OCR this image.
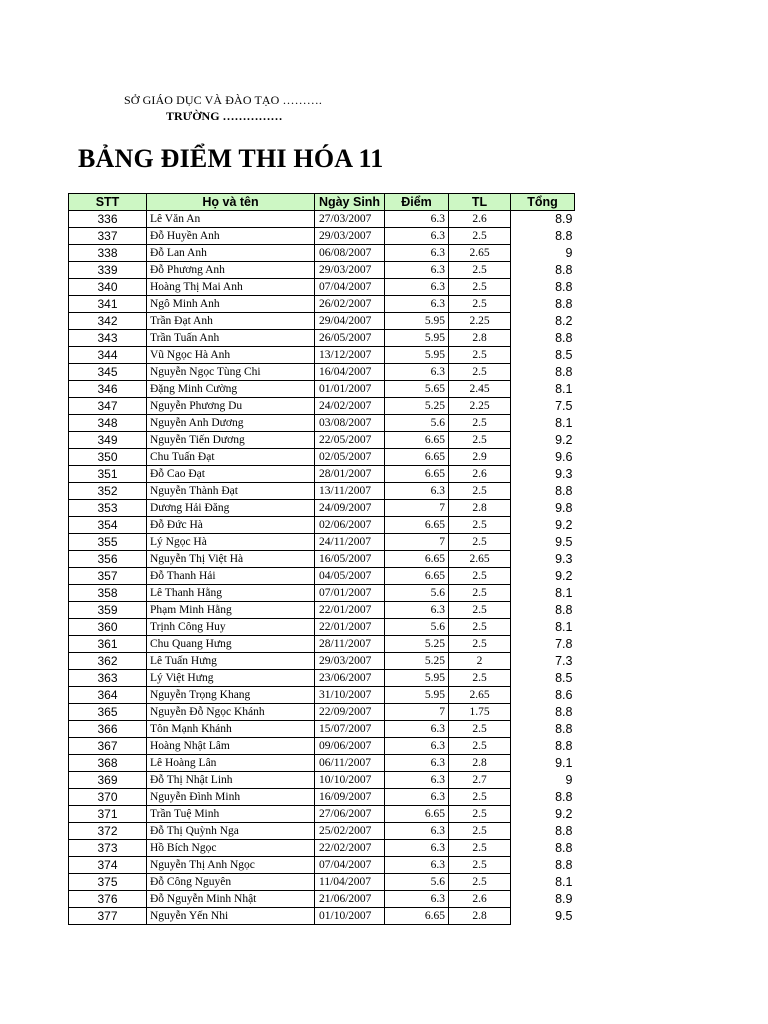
SỞ GIÁO DỤC VÀ ĐÀO TẠO ……….
TRƯỜNG ……………
BẢNG ĐIỂM THI HÓA 11
STT	Họ và tên	Ngày Sinh	Điểm	TL	Tổng
336	Lê Văn An	27/03/2007	6.3	2.6	8.9
337	Đỗ Huyền Anh	29/03/2007	6.3	2.5	8.8
338	Đỗ Lan Anh	06/08/2007	6.3	2.65	9
339	Đỗ Phương Anh	29/03/2007	6.3	2.5	8.8
340	Hoàng Thị Mai Anh	07/04/2007	6.3	2.5	8.8
341	Ngô Minh Anh	26/02/2007	6.3	2.5	8.8
342	Trần Đạt Anh	29/04/2007	5.95	2.25	8.2
343	Trần Tuấn Anh	26/05/2007	5.95	2.8	8.8
344	Vũ Ngọc Hà Anh	13/12/2007	5.95	2.5	8.5
345	Nguyễn Ngọc Tùng Chi	16/04/2007	6.3	2.5	8.8
346	Đặng Minh Cường	01/01/2007	5.65	2.45	8.1
347	Nguyễn Phương Du	24/02/2007	5.25	2.25	7.5
348	Nguyễn Anh Dương	03/08/2007	5.6	2.5	8.1
349	Nguyễn Tiến Dương	22/05/2007	6.65	2.5	9.2
350	Chu Tuấn Đạt	02/05/2007	6.65	2.9	9.6
351	Đỗ Cao Đạt	28/01/2007	6.65	2.6	9.3
352	Nguyễn Thành Đạt	13/11/2007	6.3	2.5	8.8
353	Dương Hải Đăng	24/09/2007	7	2.8	9.8
354	Đỗ Đức Hà	02/06/2007	6.65	2.5	9.2
355	Lý Ngọc Hà	24/11/2007	7	2.5	9.5
356	Nguyễn Thị Việt Hà	16/05/2007	6.65	2.65	9.3
357	Đỗ Thanh Hải	04/05/2007	6.65	2.5	9.2
358	Lê Thanh Hằng	07/01/2007	5.6	2.5	8.1
359	Phạm Minh Hằng	22/01/2007	6.3	2.5	8.8
360	Trịnh Công Huy	22/01/2007	5.6	2.5	8.1
361	Chu Quang Hưng	28/11/2007	5.25	2.5	7.8
362	Lê Tuấn Hưng	29/03/2007	5.25	2	7.3
363	Lý Việt Hưng	23/06/2007	5.95	2.5	8.5
364	Nguyễn Trọng Khang	31/10/2007	5.95	2.65	8.6
365	Nguyễn Đỗ Ngọc Khánh	22/09/2007	7	1.75	8.8
366	Tôn Mạnh Khánh	15/07/2007	6.3	2.5	8.8
367	Hoàng Nhật Lâm	09/06/2007	6.3	2.5	8.8
368	Lê Hoàng Lân	06/11/2007	6.3	2.8	9.1
369	Đỗ Thị Nhật Linh	10/10/2007	6.3	2.7	9
370	Nguyễn Đình Minh	16/09/2007	6.3	2.5	8.8
371	Trần Tuệ Minh	27/06/2007	6.65	2.5	9.2
372	Đỗ Thị Quỳnh Nga	25/02/2007	6.3	2.5	8.8
373	Hồ Bích Ngọc	22/02/2007	6.3	2.5	8.8
374	Nguyễn Thị Anh Ngọc	07/04/2007	6.3	2.5	8.8
375	Đỗ Công Nguyên	11/04/2007	5.6	2.5	8.1
376	Đỗ Nguyễn Minh Nhật	21/06/2007	6.3	2.6	8.9
377	Nguyễn Yến Nhi	01/10/2007	6.65	2.8	9.5
